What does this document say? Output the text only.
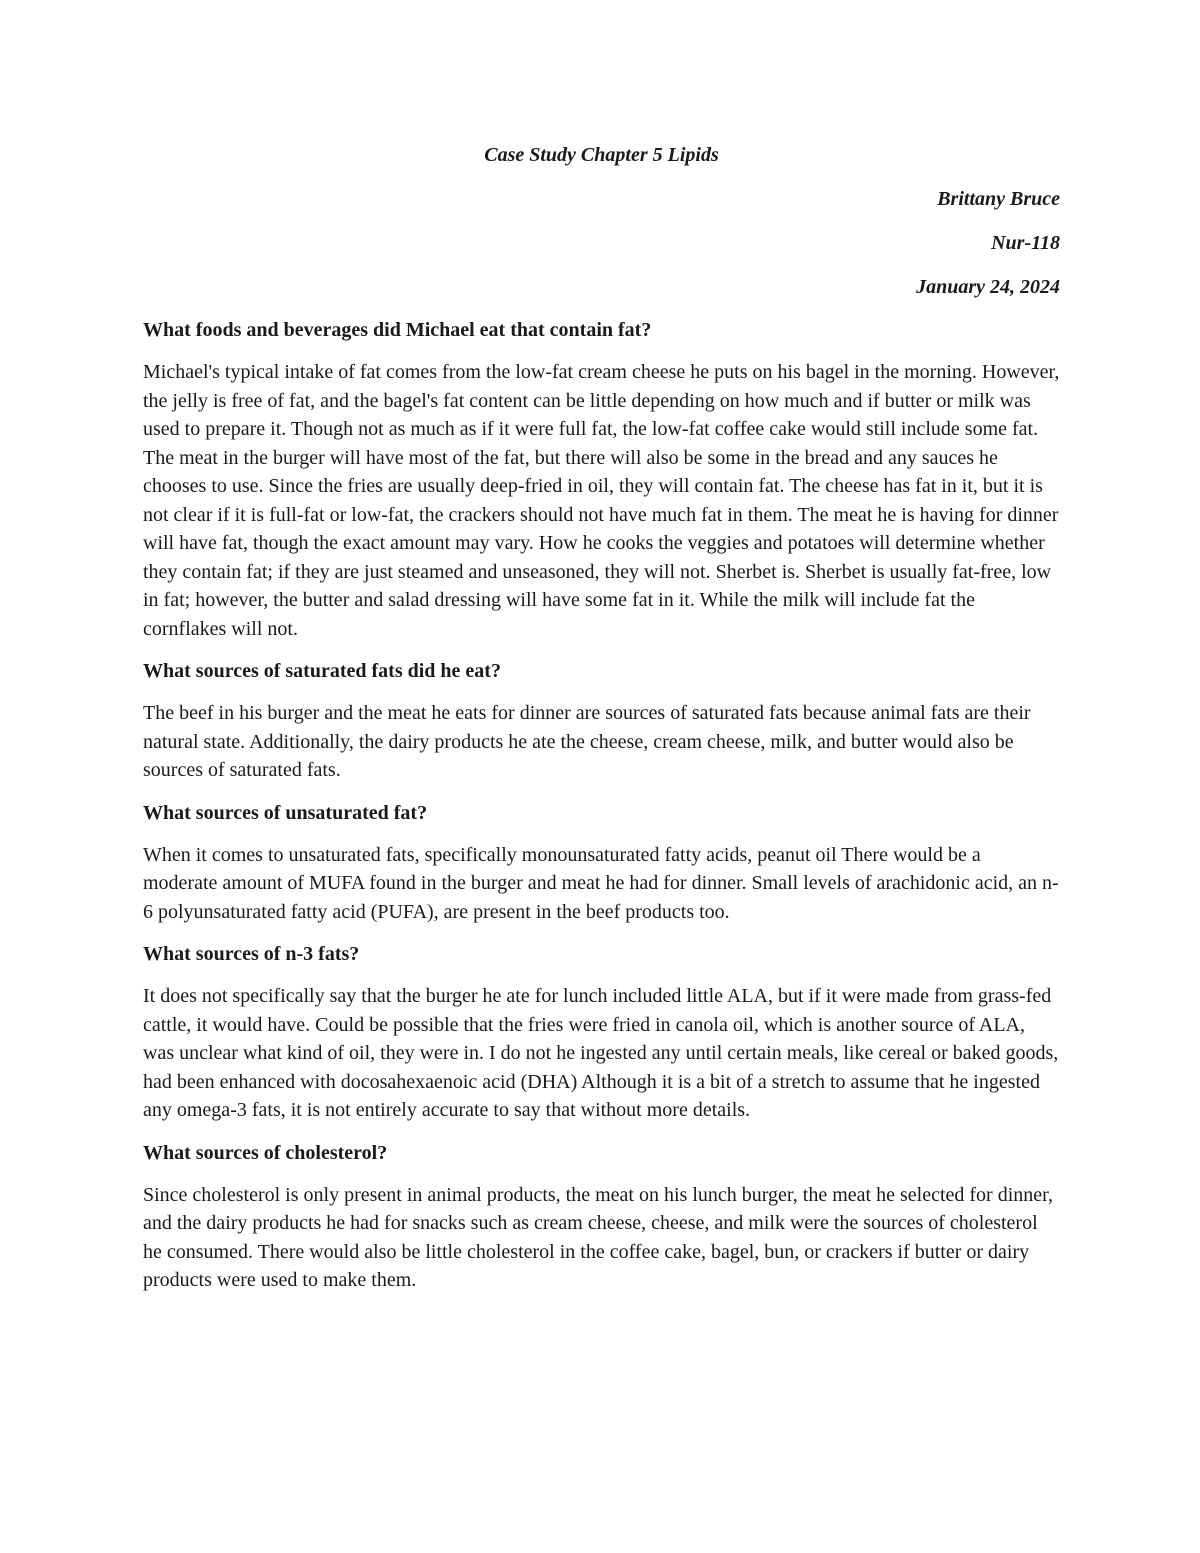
Case Study Chapter 5 Lipids
Brittany Bruce
Nur-118
January 24, 2024
What foods and beverages did Michael eat that contain fat?
Michael's typical intake of fat comes from the low-fat cream cheese he puts on his bagel in the morning. However, the jelly is free of fat, and the bagel's fat content can be little depending on how much and if butter or milk was used to prepare it. Though not as much as if it were full fat, the low-fat coffee cake would still include some fat. The meat in the burger will have most of the fat, but there will also be some in the bread and any sauces he chooses to use. Since the fries are usually deep-fried in oil, they will contain fat. The cheese has fat in it, but it is not clear if it is full-fat or low-fat, the crackers should not have much fat in them. The meat he is having for dinner will have fat, though the exact amount may vary. How he cooks the veggies and potatoes will determine whether they contain fat; if they are just steamed and unseasoned, they will not. Sherbet is. Sherbet is usually fat-free, low in fat; however, the butter and salad dressing will have some fat in it. While the milk will include fat the cornflakes will not.
What sources of saturated fats did he eat?
The beef in his burger and the meat he eats for dinner are sources of saturated fats because animal fats are their natural state. Additionally, the dairy products he ate the cheese, cream cheese, milk, and butter would also be sources of saturated fats.
What sources of unsaturated fat?
When it comes to unsaturated fats, specifically monounsaturated fatty acids, peanut oil There would be a moderate amount of MUFA found in the burger and meat he had for dinner. Small levels of arachidonic acid, an n-6 polyunsaturated fatty acid (PUFA), are present in the beef products too.
What sources of n-3 fats?
It does not specifically say that the burger he ate for lunch included little ALA, but if it were made from grass-fed cattle, it would have. Could be possible that the fries were fried in canola oil, which is another source of ALA, was unclear what kind of oil, they were in. I do not he ingested any until certain meals, like cereal or baked goods, had been enhanced with docosahexaenoic acid (DHA) Although it is a bit of a stretch to assume that he ingested any omega-3 fats, it is not entirely accurate to say that without more details.
What sources of cholesterol?
Since cholesterol is only present in animal products, the meat on his lunch burger, the meat he selected for dinner, and the dairy products he had for snacks such as cream cheese, cheese, and milk were the sources of cholesterol he consumed. There would also be little cholesterol in the coffee cake, bagel, bun, or crackers if butter or dairy products were used to make them.
